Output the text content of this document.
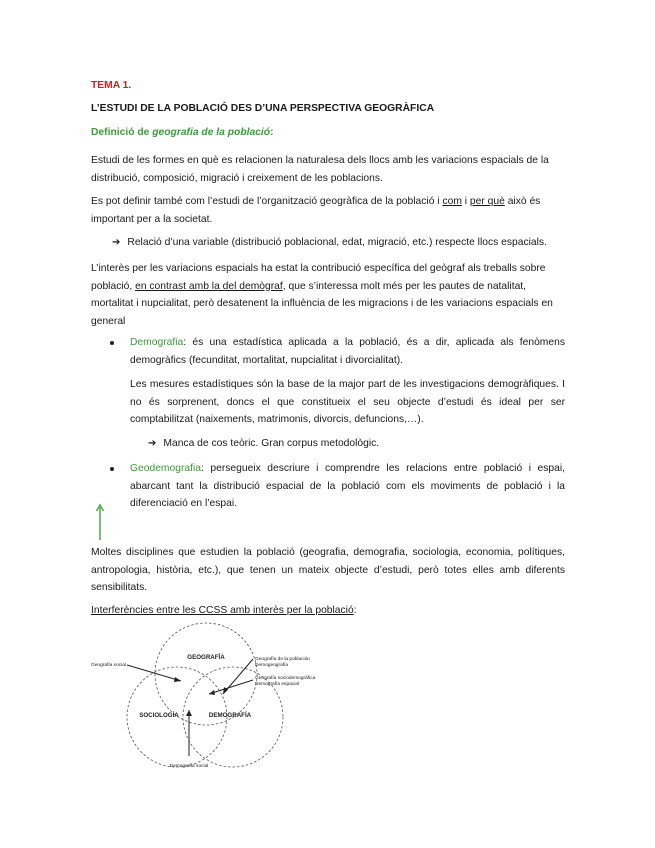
TEMA 1.
L’ESTUDI DE LA POBLACIÓ DES D’UNA PERSPECTIVA GEOGRÀFICA
Definició de geografia de la població:

Estudi de les formes en què es relacionen la naturalesa dels llocs amb les variacions espacials de la distribució, composició, migració i creixement de les poblacions.

Es pot definir també com l’estudi de l’organització geogràfica de la població i com i per què això és important per a la societat.

➔ Relació d’una variable (distribució poblacional, edat, migració, etc.) respecte llocs espacials.

L’interès per les variacions espacials ha estat la contribució específica del geògraf als treballs sobre població, en contrast amb la del demògraf, que s’interessa molt més per les pautes de natalitat, mortalitat i nupcialitat, però desatenent la influència de les migracions i de les variacions espacials en general

Demografia: és una estadística aplicada a la població, és a dir, aplicada als fenòmens demogràfics (fecunditat, mortalitat, nupcialitat i divorcialitat).

Les mesures estadístiques són la base de la major part de les investigacions demogràfiques. I no és sorprenent, doncs el que constitueix el seu objecte d’estudi és ideal per ser comptabilitzat (naixements, matrimonis, divorcis, defuncions,…).

➔ Manca de cos teòric. Gran corpus metodològic.

Geodemografia: persegueix descriure i comprendre les relacions entre població i espai, abarcant tant la distribució espacial de la població com els moviments de població i la diferenciació en l’espai.

Moltes disciplines que estudien la població (geografia, demografia, sociologia, economia, polítiques, antropologia, història, etc.), que tenen un mateix objecte d’estudi, però totes elles amb diferents sensibilitats.

Interferències entre les CCSS amb interès per la població:
GEOGRAFÍA
SOCIOLOGÍA	DEMOGRAFÍA
Geografía social
Geografía de la población
Demogeografía
Geografía sociodemográfica
Demografía espacial
Demografía social
